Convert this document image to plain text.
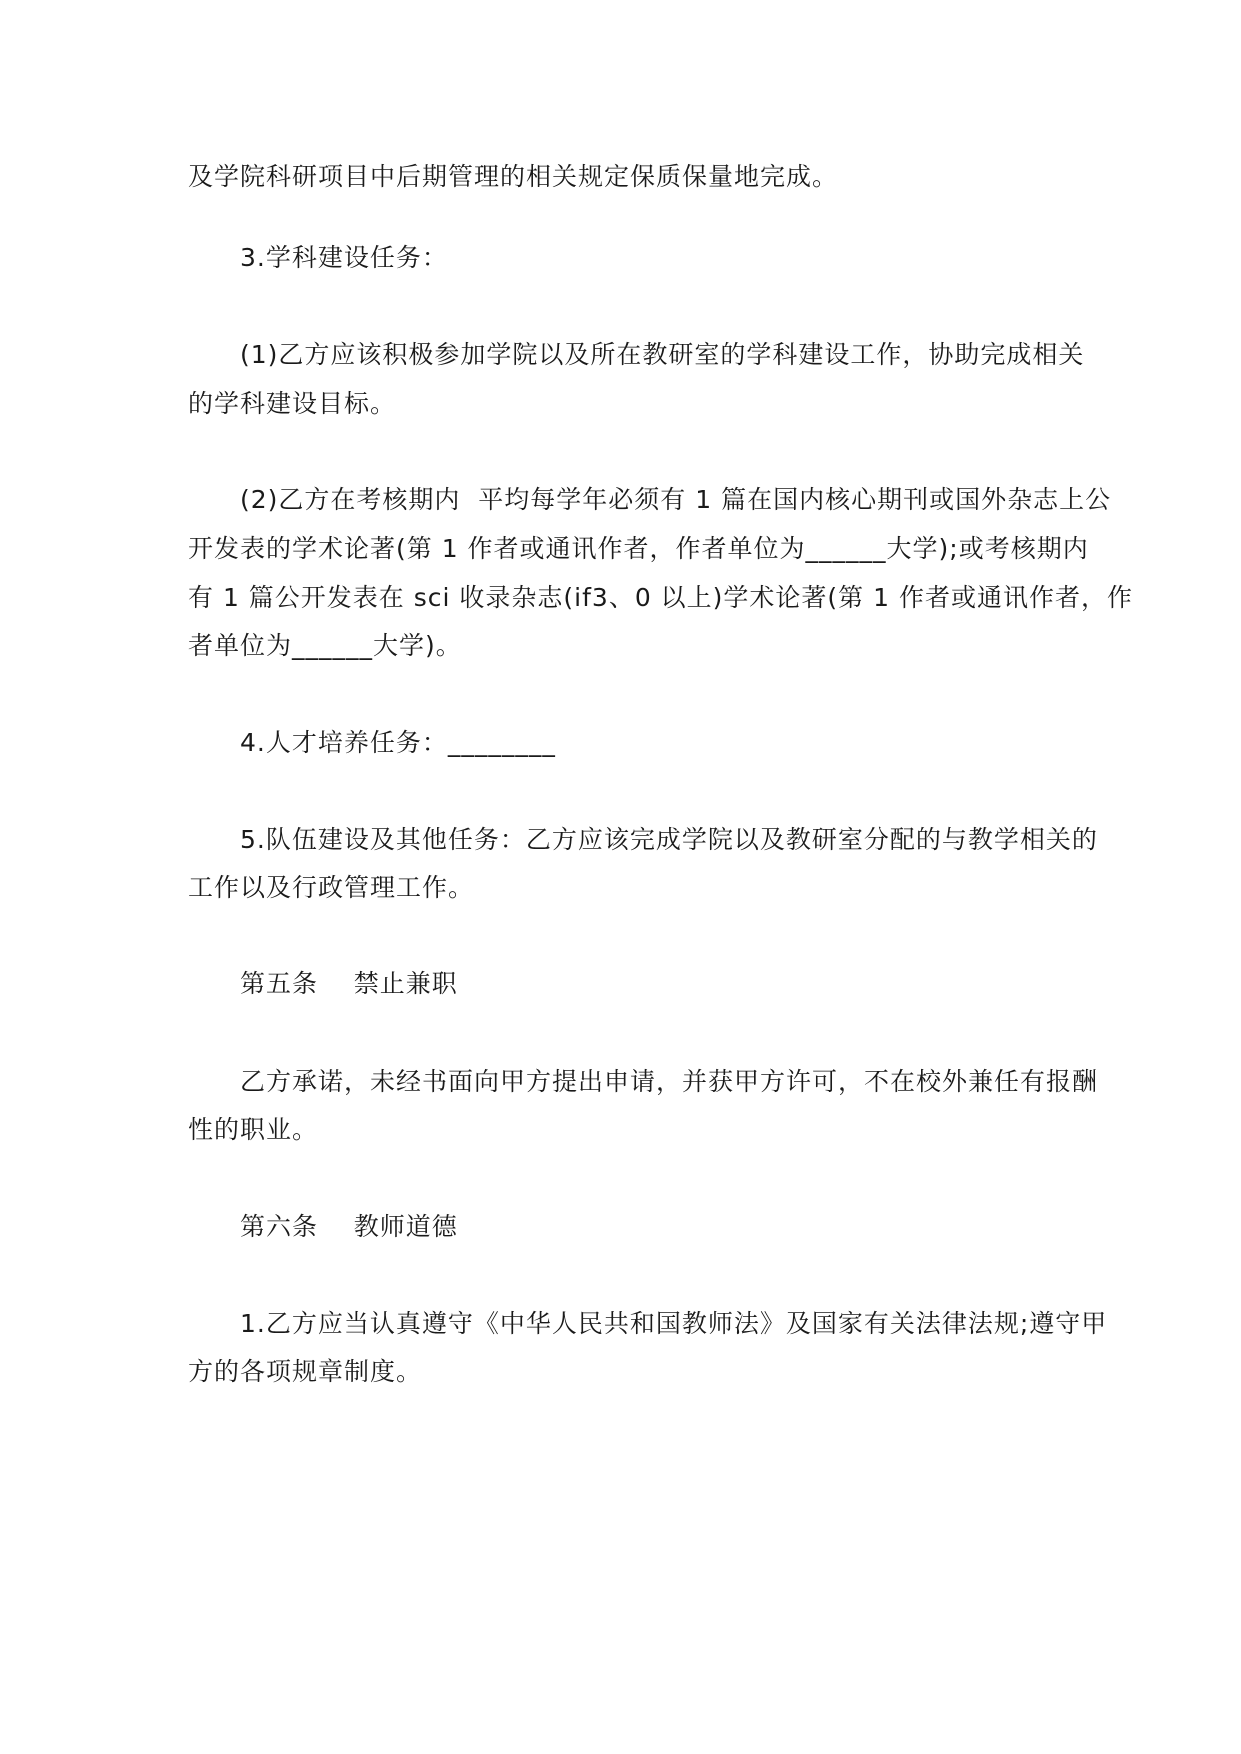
及学院科研项目中后期管理的相关规定保质保量地完成。
3.学科建设任务：
(1)乙方应该积极参加学院以及所在教研室的学科建设工作，协助完成相关
的学科建设目标。
(2)乙方在考核期内  平均每学年必须有 1 篇在国内核心期刊或国外杂志上公
开发表的学术论著(第 1 作者或通讯作者，作者单位为______大学);或考核期内
有 1 篇公开发表在 sci 收录杂志(if3、0 以上)学术论著(第 1 作者或通讯作者，作
者单位为______大学)。
4.人才培养任务：________
5.队伍建设及其他任务：乙方应该完成学院以及教研室分配的与教学相关的
工作以及行政管理工作。
第五条    禁止兼职
乙方承诺，未经书面向甲方提出申请，并获甲方许可，不在校外兼任有报酬
性的职业。
第六条    教师道德
1.乙方应当认真遵守《中华人民共和国教师法》及国家有关法律法规;遵守甲
方的各项规章制度。
